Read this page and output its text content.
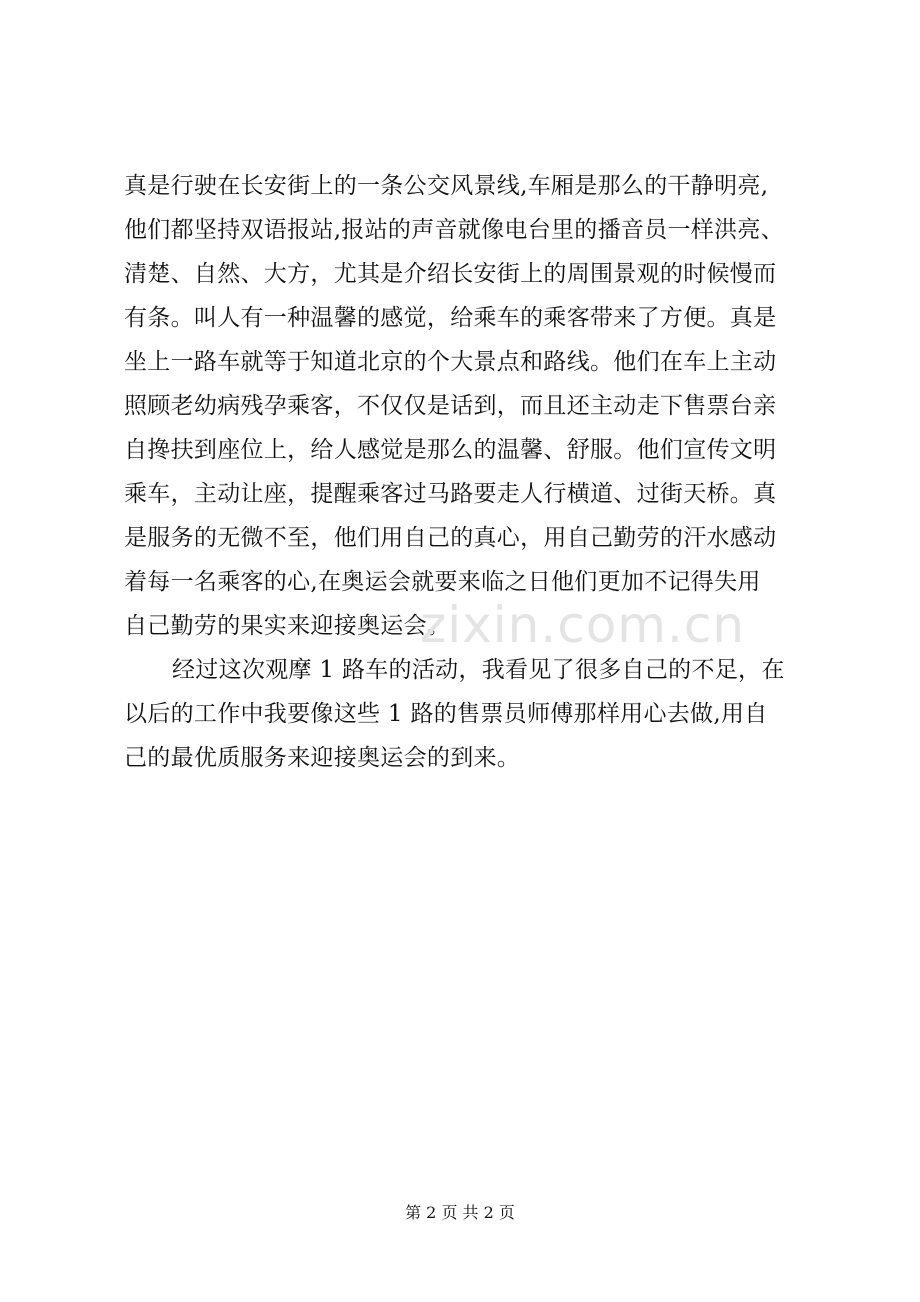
真是行驶在长安街上的一条公交风景线,车厢是那么的干静明亮,
他们都坚持双语报站,报站的声音就像电台里的播音员一样洪亮、
清楚、自然、大方，尤其是介绍长安街上的周围景观的时候慢而
有条。叫人有一种温馨的感觉，给乘车的乘客带来了方便。真是
坐上一路车就等于知道北京的个大景点和路线。他们在车上主动
照顾老幼病残孕乘客，不仅仅是话到，而且还主动走下售票台亲
自搀扶到座位上，给人感觉是那么的温馨、舒服。他们宣传文明
乘车，主动让座，提醒乘客过马路要走人行横道、过街天桥。真
是服务的无微不至，他们用自己的真心，用自己勤劳的汗水感动
着每一名乘客的心,在奥运会就要来临之日他们更加不记得失用
自己勤劳的果实来迎接奥运会。
经过这次观摩 1 路车的活动，我看见了很多自己的不足，在
以后的工作中我要像这些 1 路的售票员师傅那样用心去做,用自
己的最优质服务来迎接奥运会的到来。
zixin.com.cn
第 2 页 共 2 页
